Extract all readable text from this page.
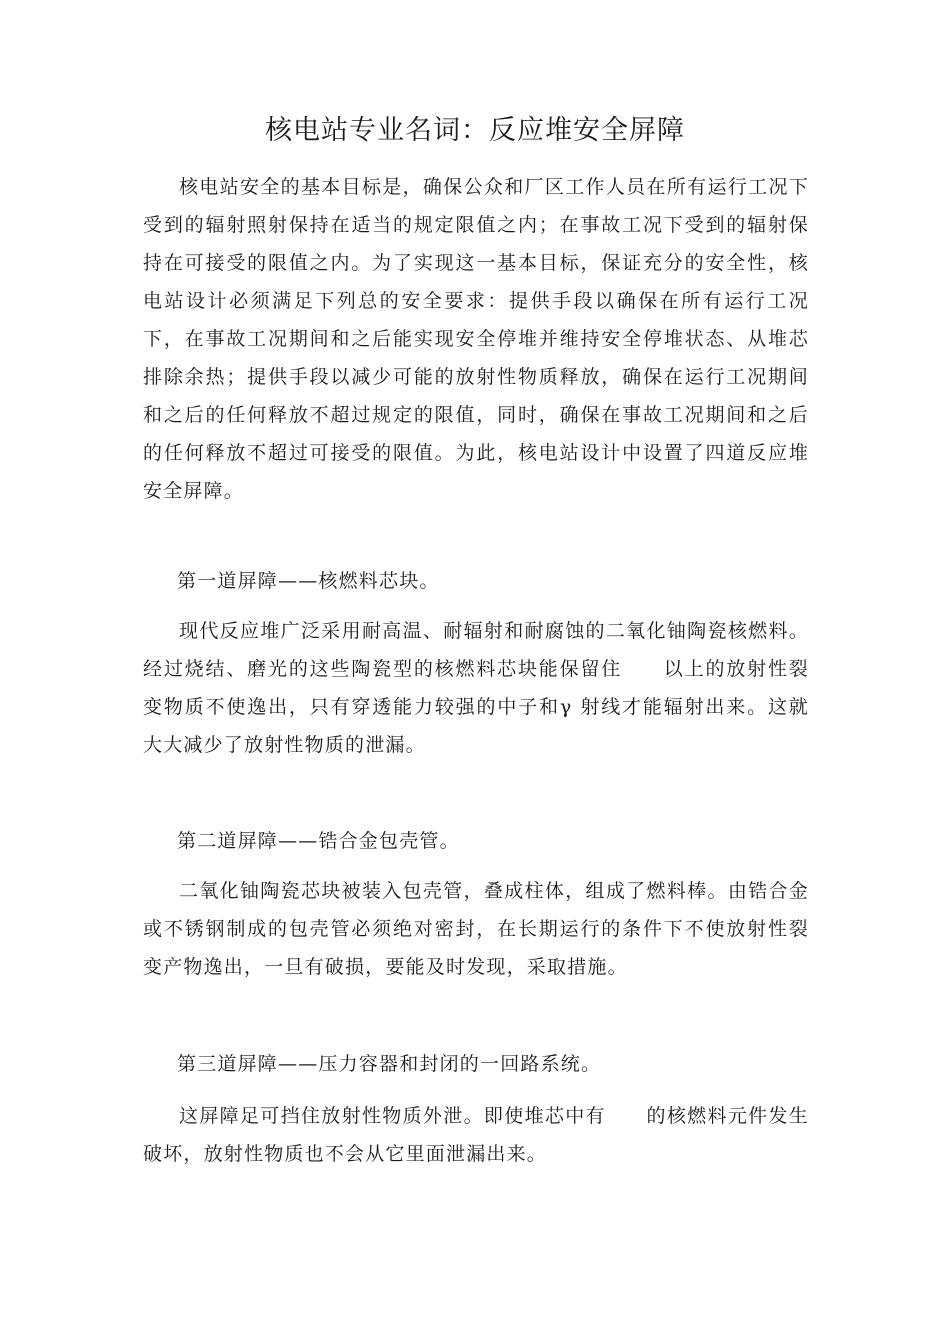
核电站专业名词：反应堆安全屏障
核电站安全的基本目标是，确保公众和厂区工作人员在所有运行工况下受到的辐射照射保持在适当的规定限值之内；在事故工况下受到的辐射保持在可接受的限值之内。为了实现这一基本目标，保证充分的安全性，核电站设计必须满足下列总的安全要求：提供手段以确保在所有运行工况下，在事故工况期间和之后能实现安全停堆并维持安全停堆状态、从堆芯排除余热；提供手段以减少可能的放射性物质释放，确保在运行工况期间和之后的任何释放不超过规定的限值，同时，确保在事故工况期间和之后的任何释放不超过可接受的限值。为此，核电站设计中设置了四道反应堆安全屏障。
第一道屏障——核燃料芯块。
现代反应堆广泛采用耐高温、耐辐射和耐腐蚀的二氧化铀陶瓷核燃料。经过烧结、磨光的这些陶瓷型的核燃料芯块能保留住　　以上的放射性裂变物质不使逸出，只有穿透能力较强的中子和γ 射线才能辐射出来。这就大大减少了放射性物质的泄漏。
第二道屏障——锆合金包壳管。
二氧化铀陶瓷芯块被装入包壳管，叠成柱体，组成了燃料棒。由锆合金或不锈钢制成的包壳管必须绝对密封，在长期运行的条件下不使放射性裂变产物逸出，一旦有破损，要能及时发现，采取措施。
第三道屏障——压力容器和封闭的一回路系统。
这屏障足可挡住放射性物质外泄。即使堆芯中有　　的核燃料元件发生破坏，放射性物质也不会从它里面泄漏出来。
